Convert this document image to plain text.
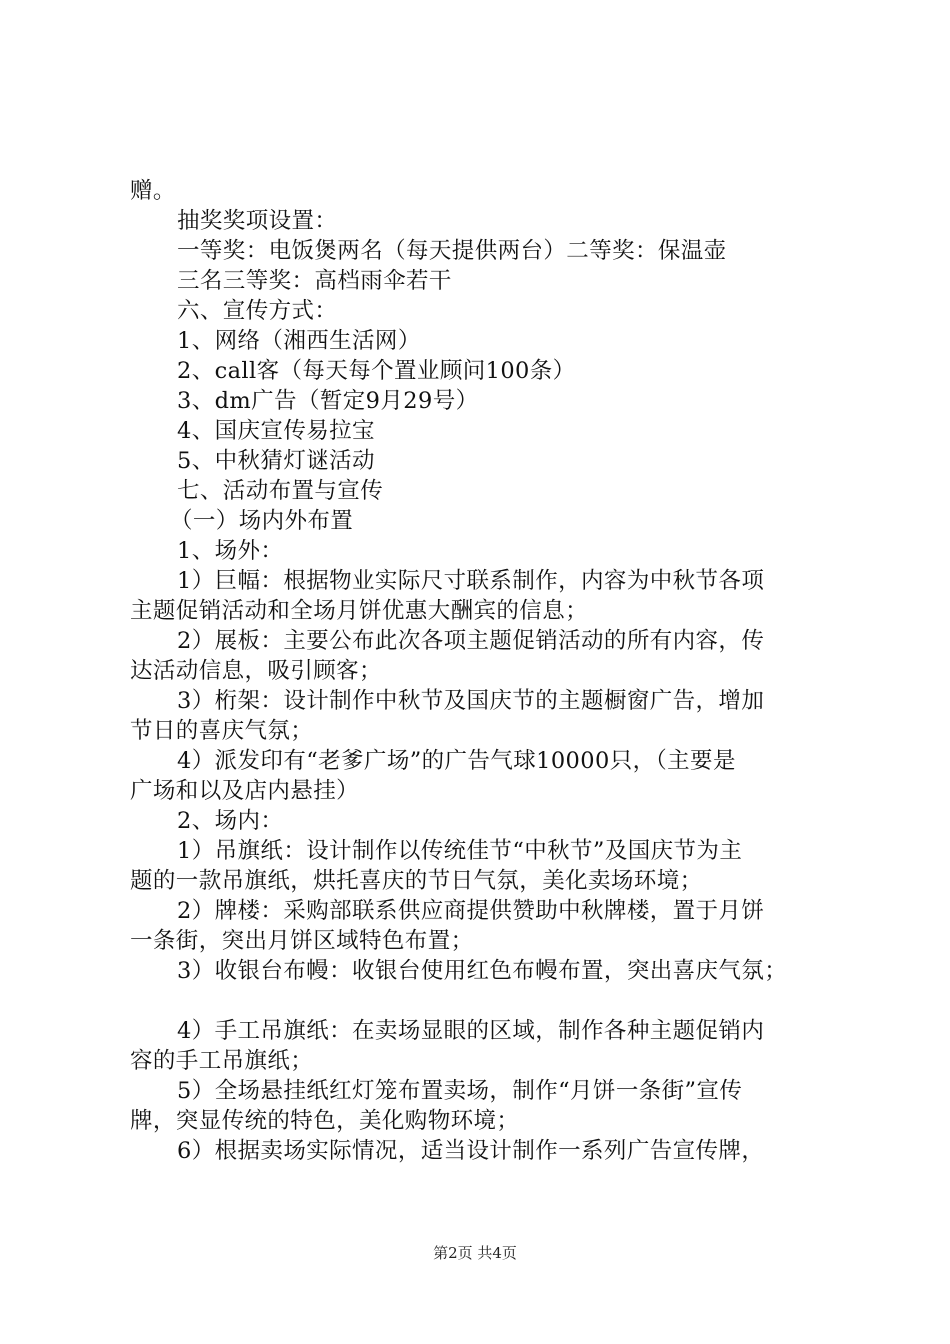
赠。
抽奖奖项设置：
一等奖：电饭煲两名（每天提供两台）二等奖：保温壶
三名三等奖：高档雨伞若干
六、宣传方式：
1、网络（湘西生活网）
2、call客（每天每个置业顾问100条）
3、dm广告（暂定9月29号）
4、国庆宣传易拉宝
5、中秋猜灯谜活动
七、活动布置与宣传
（一）场内外布置
1、场外：
1）巨幅：根据物业实际尺寸联系制作，内容为中秋节各项
主题促销活动和全场月饼优惠大酬宾的信息；
2）展板：主要公布此次各项主题促销活动的所有内容，传
达活动信息，吸引顾客；
3）桁架：设计制作中秋节及国庆节的主题橱窗广告，增加
节日的喜庆气氛；
4）派发印有“老爹广场”的广告气球10000只，（主要是
广场和以及店内悬挂）
2、场内：
1）吊旗纸：设计制作以传统佳节“中秋节”及国庆节为主
题的一款吊旗纸，烘托喜庆的节日气氛，美化卖场环境；
2）牌楼：采购部联系供应商提供赞助中秋牌楼，置于月饼
一条街，突出月饼区域特色布置；
3）收银台布幔：收银台使用红色布幔布置，突出喜庆气氛；
4）手工吊旗纸：在卖场显眼的区域，制作各种主题促销内
容的手工吊旗纸；
5）全场悬挂纸红灯笼布置卖场，制作“月饼一条街”宣传
牌，突显传统的特色，美化购物环境；
6）根据卖场实际情况，适当设计制作一系列广告宣传牌，
第2页 共4页
